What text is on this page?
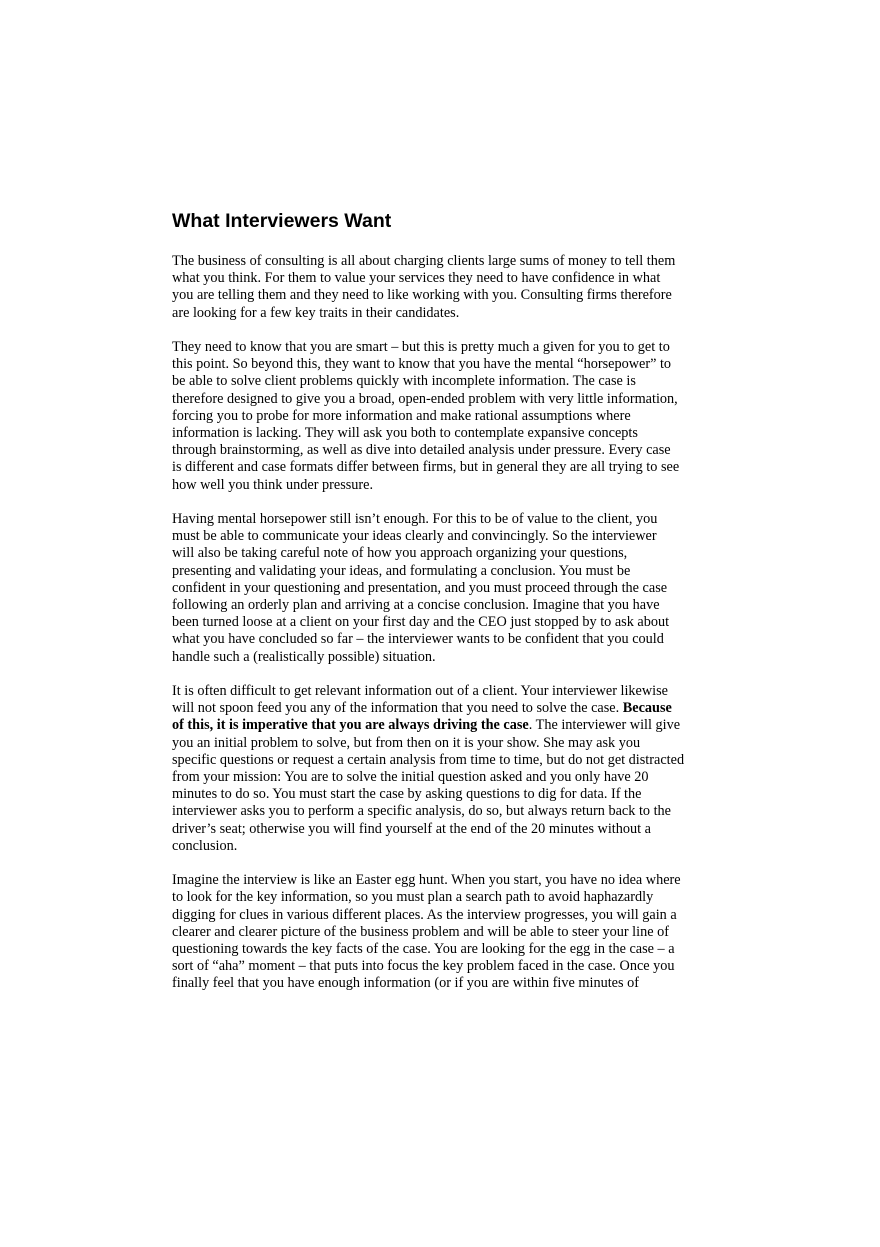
What Interviewers Want

The business of consulting is all about charging clients large sums of money to tell them
what you think. For them to value your services they need to have confidence in what
you are telling them and they need to like working with you. Consulting firms therefore
are looking for a few key traits in their candidates.

They need to know that you are smart – but this is pretty much a given for you to get to
this point. So beyond this, they want to know that you have the mental “horsepower” to
be able to solve client problems quickly with incomplete information. The case is
therefore designed to give you a broad, open-ended problem with very little information,
forcing you to probe for more information and make rational assumptions where
information is lacking. They will ask you both to contemplate expansive concepts
through brainstorming, as well as dive into detailed analysis under pressure. Every case
is different and case formats differ between firms, but in general they are all trying to see
how well you think under pressure.

Having mental horsepower still isn’t enough. For this to be of value to the client, you
must be able to communicate your ideas clearly and convincingly. So the interviewer
will also be taking careful note of how you approach organizing your questions,
presenting and validating your ideas, and formulating a conclusion. You must be
confident in your questioning and presentation, and you must proceed through the case
following an orderly plan and arriving at a concise conclusion. Imagine that you have
been turned loose at a client on your first day and the CEO just stopped by to ask about
what you have concluded so far – the interviewer wants to be confident that you could
handle such a (realistically possible) situation.

It is often difficult to get relevant information out of a client. Your interviewer likewise
will not spoon feed you any of the information that you need to solve the case. Because
of this, it is imperative that you are always driving the case. The interviewer will give
you an initial problem to solve, but from then on it is your show. She may ask you
specific questions or request a certain analysis from time to time, but do not get distracted
from your mission: You are to solve the initial question asked and you only have 20
minutes to do so. You must start the case by asking questions to dig for data. If the
interviewer asks you to perform a specific analysis, do so, but always return back to the
driver’s seat; otherwise you will find yourself at the end of the 20 minutes without a
conclusion.

Imagine the interview is like an Easter egg hunt. When you start, you have no idea where
to look for the key information, so you must plan a search path to avoid haphazardly
digging for clues in various different places. As the interview progresses, you will gain a
clearer and clearer picture of the business problem and will be able to steer your line of
questioning towards the key facts of the case. You are looking for the egg in the case – a
sort of “aha” moment – that puts into focus the key problem faced in the case. Once you
finally feel that you have enough information (or if you are within five minutes of
